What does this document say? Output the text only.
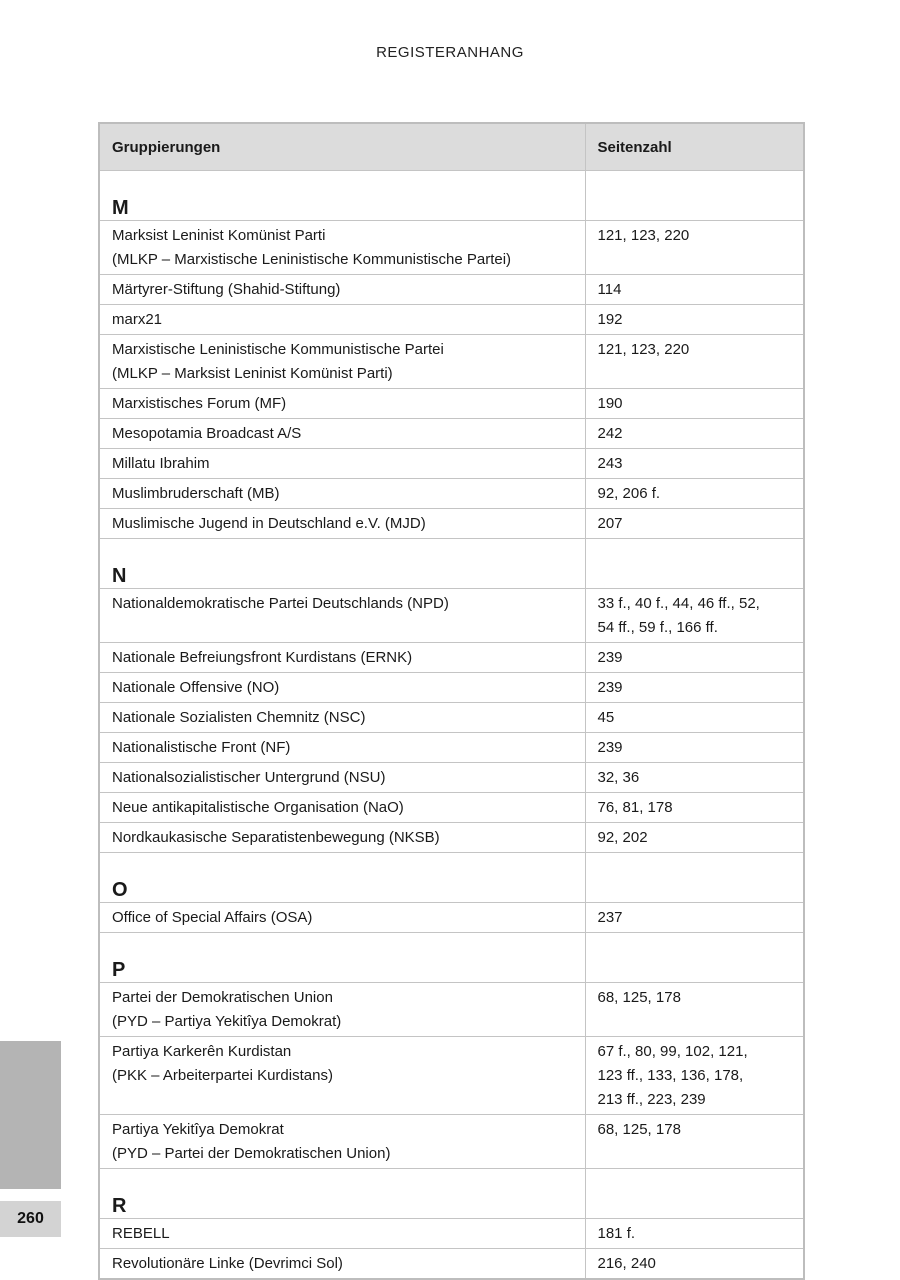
REGISTERANHANG
Gruppierungen	Seitenzahl
M	

Marksist Leninist Komünist Parti
(MLKP – Marxistische Leninistische Kommunistische Partei)	121, 123, 220

Märtyrer-Stiftung (Shahid-Stiftung)	114

marx21	192

Marxistische Leninistische Kommunistische Partei
(MLKP – Marksist Leninist Komünist Parti)	121, 123, 220

Marxistisches Forum (MF)	190

Mesopotamia Broadcast A/S	242

Millatu Ibrahim	243

Muslimbruderschaft (MB)	92, 206 f.

Muslimische Jugend in Deutschland e.V. (MJD)	207

N	

Nationaldemokratische Partei Deutschlands (NPD)	33 f., 40 f., 44, 46 ff., 52,
54 ff., 59 f., 166 ff.

Nationale Befreiungsfront Kurdistans (ERNK)	239

Nationale Offensive (NO)	239

Nationale Sozialisten Chemnitz (NSC)	45

Nationalistische Front (NF)	239

Nationalsozialistischer Untergrund (NSU)	32, 36

Neue antikapitalistische Organisation (NaO)	76, 81, 178

Nordkaukasische Separatistenbewegung (NKSB)	92, 202

O	

Office of Special Affairs (OSA)	237

P	

Partei der Demokratischen Union
(PYD – Partiya Yekitîya Demokrat)	68, 125, 178

Partiya Karkerên Kurdistan
(PKK – Arbeiterpartei Kurdistans)	67 f., 80, 99, 102, 121,
123 ff., 133, 136, 178,
213 ff., 223, 239

Partiya Yekitîya Demokrat
(PYD – Partei der Demokratischen Union)	68, 125, 178

R	

REBELL	181 f.

Revolutionäre Linke (Devrimci Sol)	216, 240
260
